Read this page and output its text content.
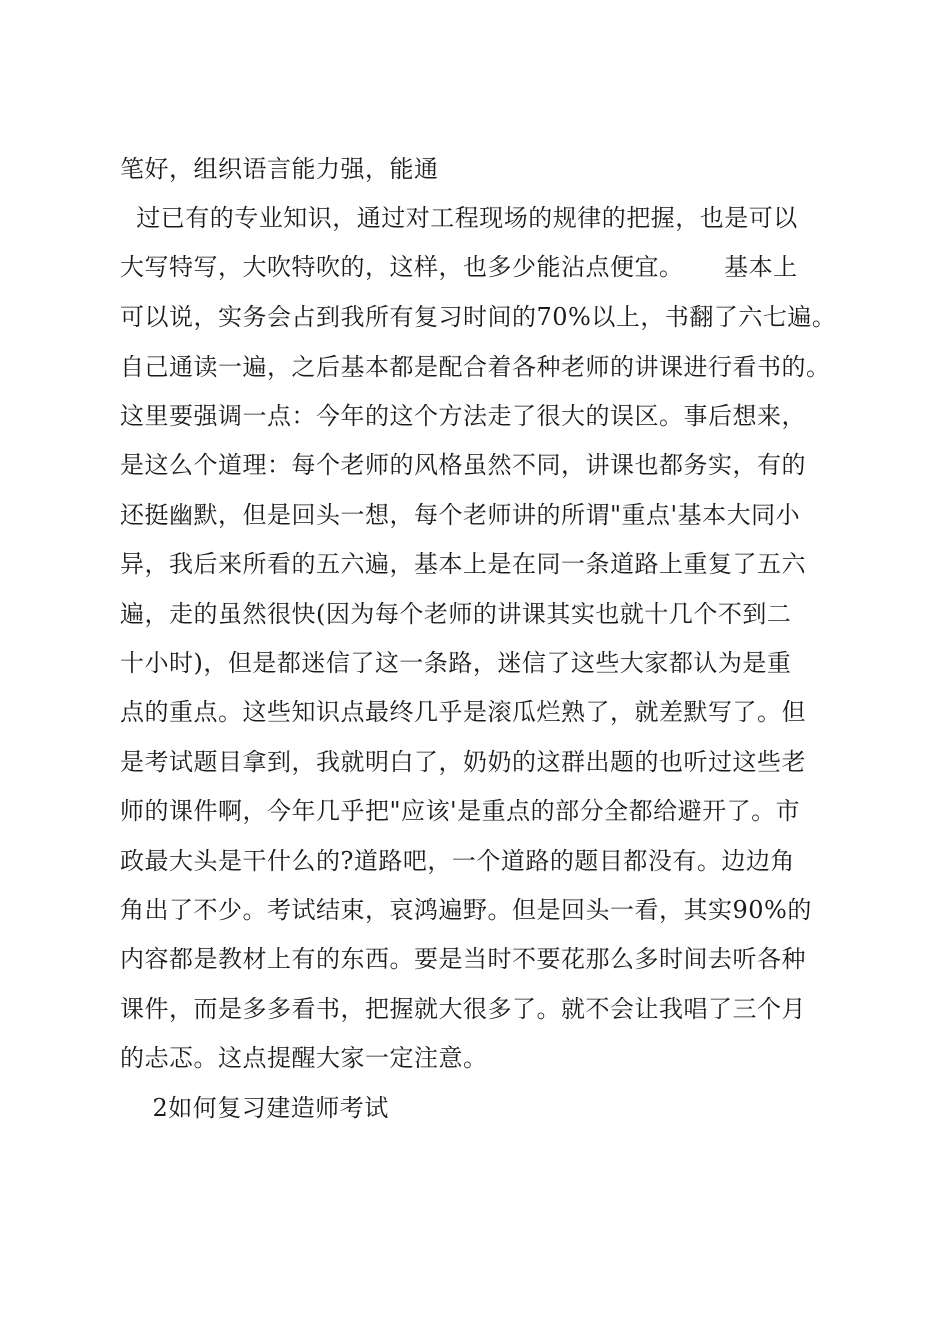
笔好，组织语言能力强，能通
过已有的专业知识，通过对工程现场的规律的把握，也是可以
大写特写，大吹特吹的，这样，也多少能沾点便宜。     基本上
可以说，实务会占到我所有复习时间的70%以上，书翻了六七遍。
自己通读一遍，之后基本都是配合着各种老师的讲课进行看书的。
这里要强调一点：今年的这个方法走了很大的误区。事后想来，
是这么个道理：每个老师的风格虽然不同，讲课也都务实，有的
还挺幽默，但是回头一想，每个老师讲的所谓"重点'基本大同小
异，我后来所看的五六遍，基本上是在同一条道路上重复了五六
遍，走的虽然很快(因为每个老师的讲课其实也就十几个不到二
十小时)，但是都迷信了这一条路，迷信了这些大家都认为是重
点的重点。这些知识点最终几乎是滚瓜烂熟了，就差默写了。但
是考试题目拿到，我就明白了，奶奶的这群出题的也听过这些老
师的课件啊，今年几乎把"应该'是重点的部分全都给避开了。市
政最大头是干什么的?道路吧，一个道路的题目都没有。边边角
角出了不少。考试结束，哀鸿遍野。但是回头一看，其实90%的
内容都是教材上有的东西。要是当时不要花那么多时间去听各种
课件，而是多多看书，把握就大很多了。就不会让我唱了三个月
的忐忑。这点提醒大家一定注意。
2如何复习建造师考试
